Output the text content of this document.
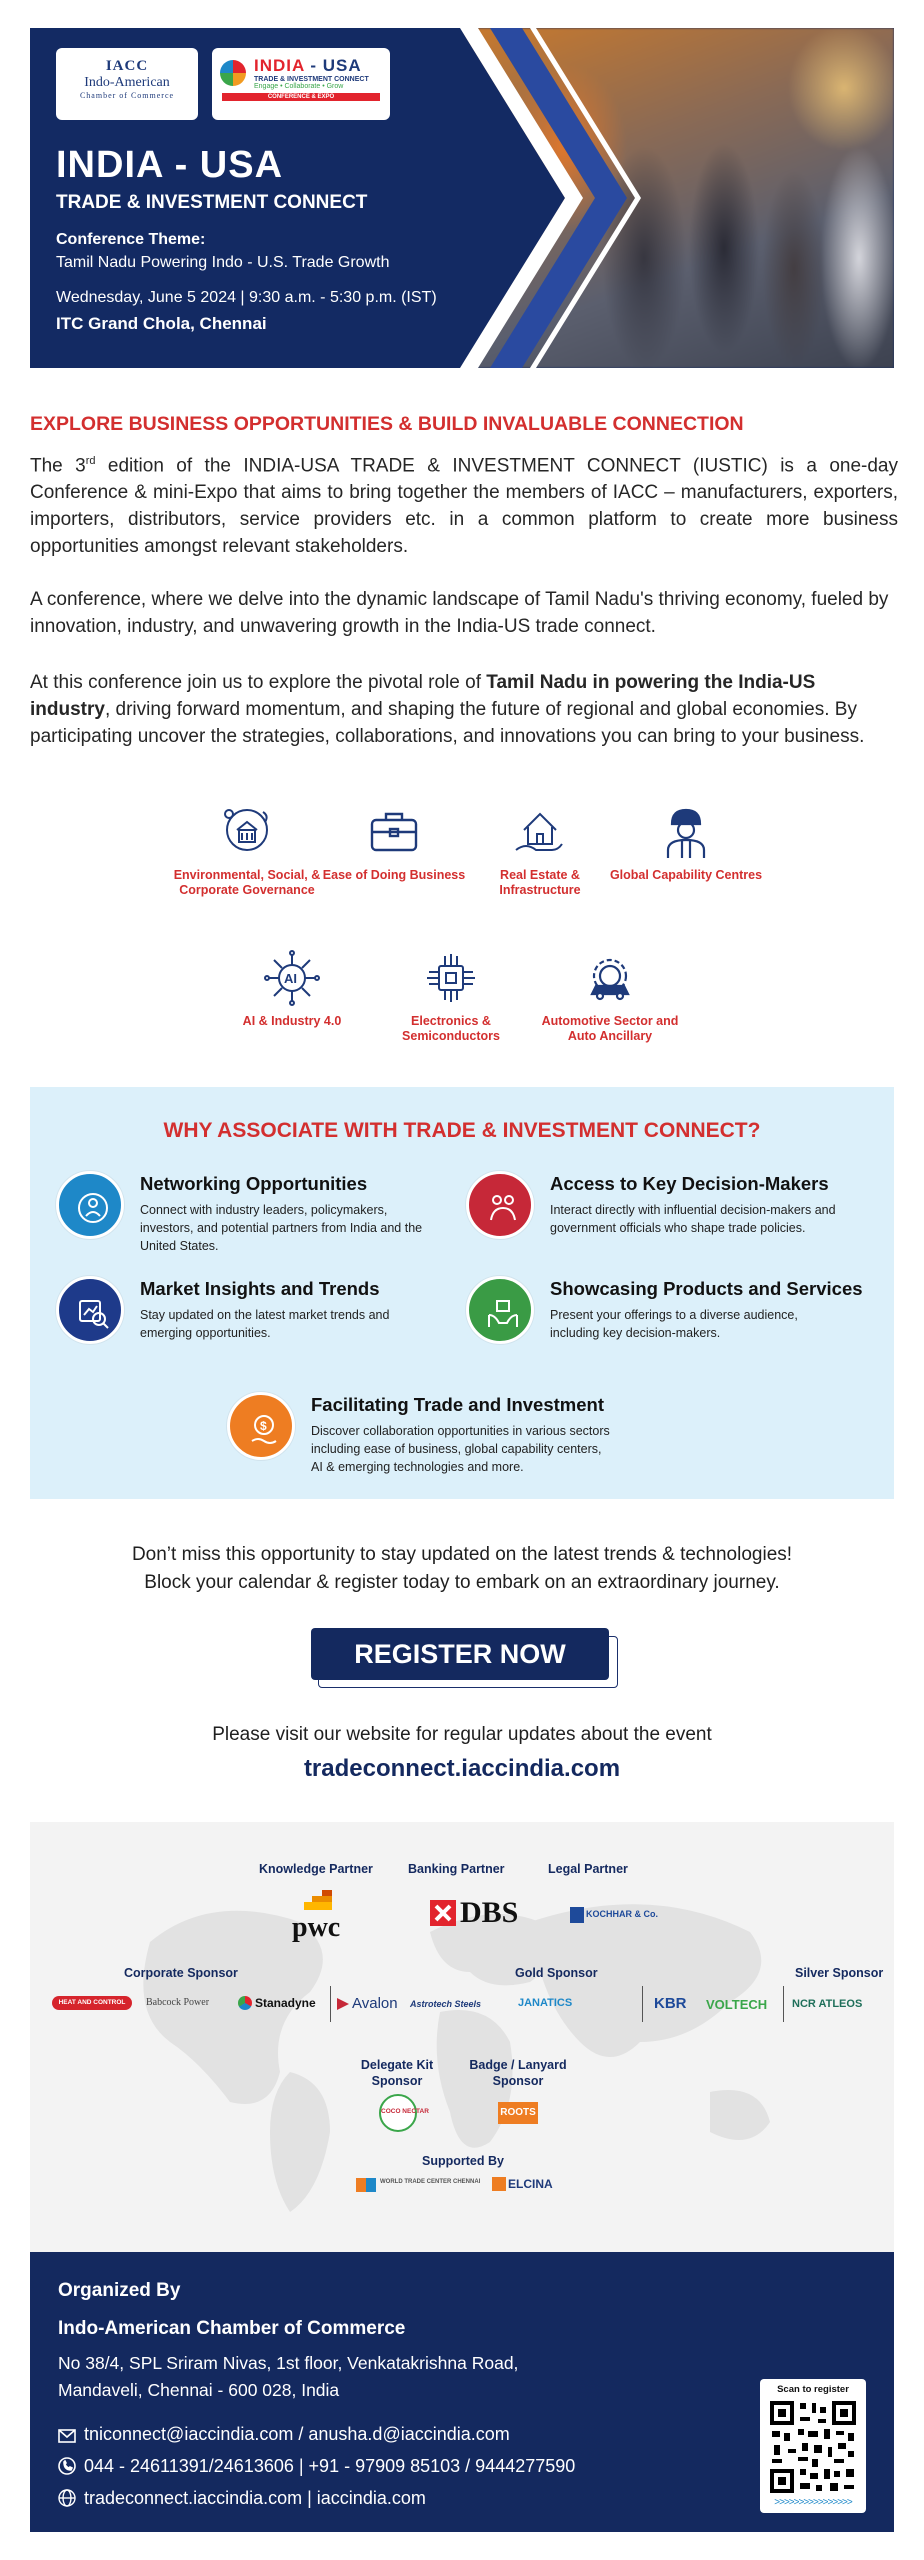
IACC
Indo-American
Chamber of Commerce
INDIA - USA
TRADE & INVESTMENT CONNECT
Engage • Collaborate • Grow
CONFERENCE & EXPO
INDIA - USA
TRADE & INVESTMENT CONNECT
Conference Theme:
Tamil Nadu Powering Indo - U.S. Trade Growth
Wednesday, June 5 2024 | 9:30 a.m. - 5:30 p.m. (IST)
ITC Grand Chola, Chennai
EXPLORE BUSINESS OPPORTUNITIES & BUILD INVALUABLE CONNECTION

The 3rd edition of the INDIA-USA TRADE & INVESTMENT CONNECT (IUSTIC) is a one-day Conference & mini-Expo that aims to bring together the members of IACC – manufacturers, exporters, importers, distributors, service providers etc. in a common platform to create more business opportunities amongst relevant stakeholders.

A conference, where we delve into the dynamic landscape of Tamil Nadu's thriving economy, fueled by innovation, industry, and unwavering growth in the India-US trade connect.

At this conference join us to explore the pivotal role of Tamil Nadu in powering the India-US industry, driving forward momentum, and shaping the future of regional and global economies. By participating uncover the strategies, collaborations, and innovations you can bring to your business.

Environmental, Social, & Corporate Governance
Ease of Doing Business	Real Estate & Infrastructure
Global Capability Centres
AI
AI & Industry 4.0	Electronics & Semiconductors
Automotive Sector and Auto Ancillary
WHY ASSOCIATE WITH TRADE & INVESTMENT CONNECT?
Networking Opportunities
Connect with industry leaders, policymakers, investors, and potential partners from India and the United States.
Access to Key Decision-Makers
Interact directly with influential decision-makers and government officials who shape trade policies.
Market Insights and Trends
Stay updated on the latest market trends and emerging opportunities.
Showcasing Products and Services
Present your offerings to a diverse audience, including key decision-makers.
$
Facilitating Trade and Investment
Discover collaboration opportunities in various sectors including ease of business, global capability centers, AI & emerging technologies and more.
Don’t miss this opportunity to stay updated on the latest trends & technologies!
Block your calendar & register today to embark on an extraordinary journey.
REGISTER NOW
Please visit our website for regular updates about the event
tradeconnect.iaccindia.com
Knowledge Partner	Banking Partner	Legal Partner
pwc	DBS	KOCHHAR & Co.
Corporate Sponsor	Gold Sponsor	Silver Sponsor
HEAT AND CONTROL	Babcock Power	Stanadyne Avalon Astrotech Steels	JANATICS	KBR VOLTECH NCR ATLEOS
Delegate Kit
Sponsor
Badge / Lanyard
Sponsor
COCO NECTAR	ROOTS
Supported By
WORLD TRADE CENTER CHENNAI ELCINA
Organized By
Indo-American Chamber of Commerce
No 38/4, SPL Sriram Nivas, 1st floor, Venkatakrishna Road,
Mandaveli, Chennai - 600 028, India
tniconnect@iaccindia.com / anusha.d@iaccindia.com
044 - 24611391/24613606 | +91 - 97909 85103 / 9444277590
tradeconnect.iaccindia.com | iaccindia.com
Scan to register
>>>>>>>>>>>>>>>>
